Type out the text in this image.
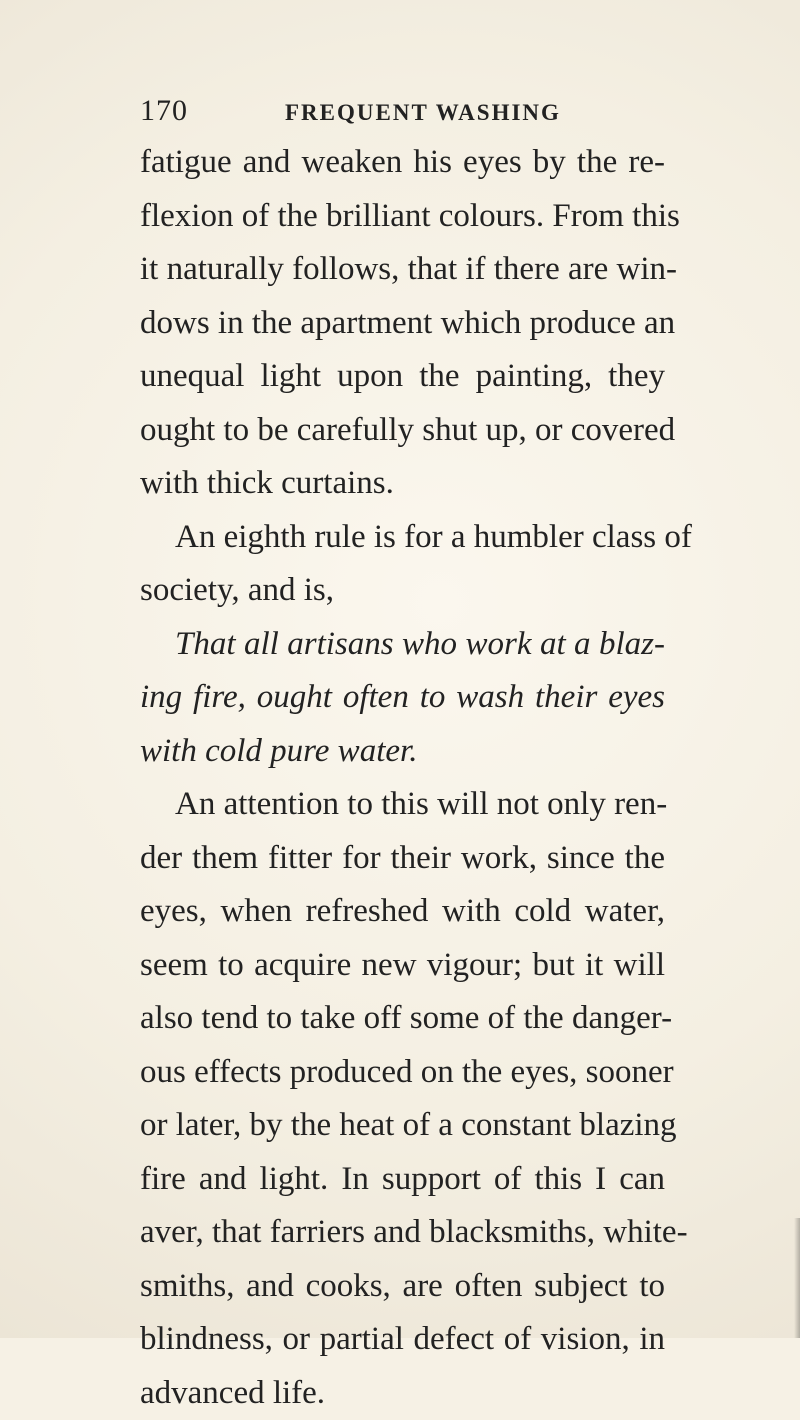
170	FREQUENT WASHING
fatigue and weaken his eyes by the re-
flexion of the brilliant colours. From this
it naturally follows, that if there are win-
dows in the apartment which produce an
unequal light upon the painting, they
ought to be carefully shut up, or covered
with thick curtains.
An eighth rule is for a humbler class of
society, and is,
That all artisans who work at a blaz-
ing fire, ought often to wash their eyes
with cold pure water.
An attention to this will not only ren-
der them fitter for their work, since the
eyes, when refreshed with cold water,
seem to acquire new vigour; but it will
also tend to take off some of the danger-
ous effects produced on the eyes, sooner
or later, by the heat of a constant blazing
fire and light. In support of this I can
aver, that farriers and blacksmiths, white-
smiths, and cooks, are often subject to
blindness, or partial defect of vision, in
advanced life.
